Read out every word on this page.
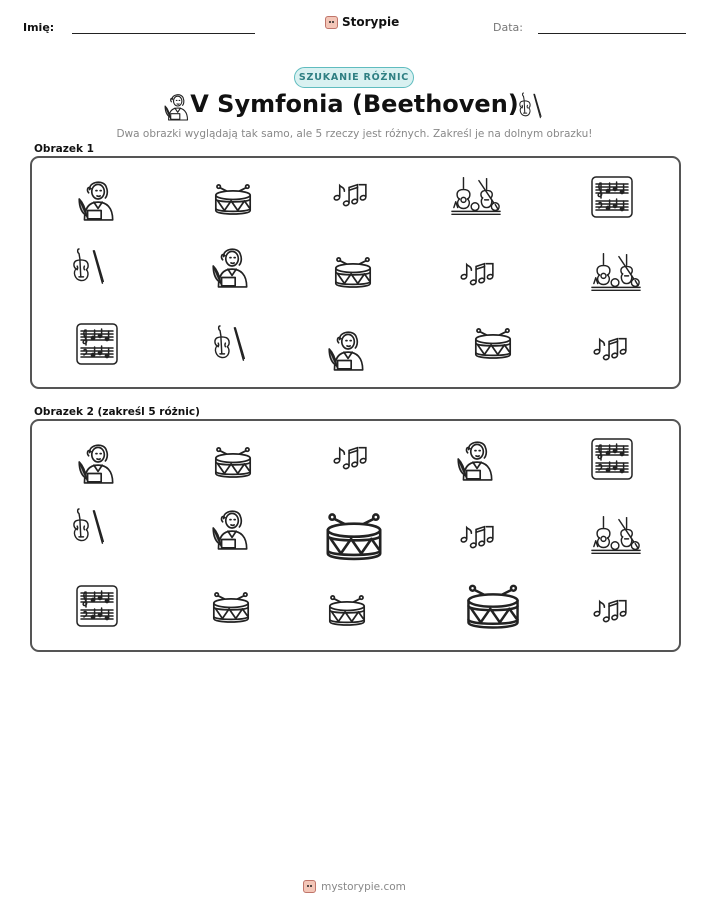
Imię:	Storypie	Data:
SZUKANIE RÓŻNIC
V Symfonia (Beethoven)
Dwa obrazki wyglądają tak samo, ale 5 rzeczy jest różnych. Zakreśl je na dolnym obrazku!
Obrazek 1
Obrazek 2 (zakreśl 5 różnic)
mystorypie.com
